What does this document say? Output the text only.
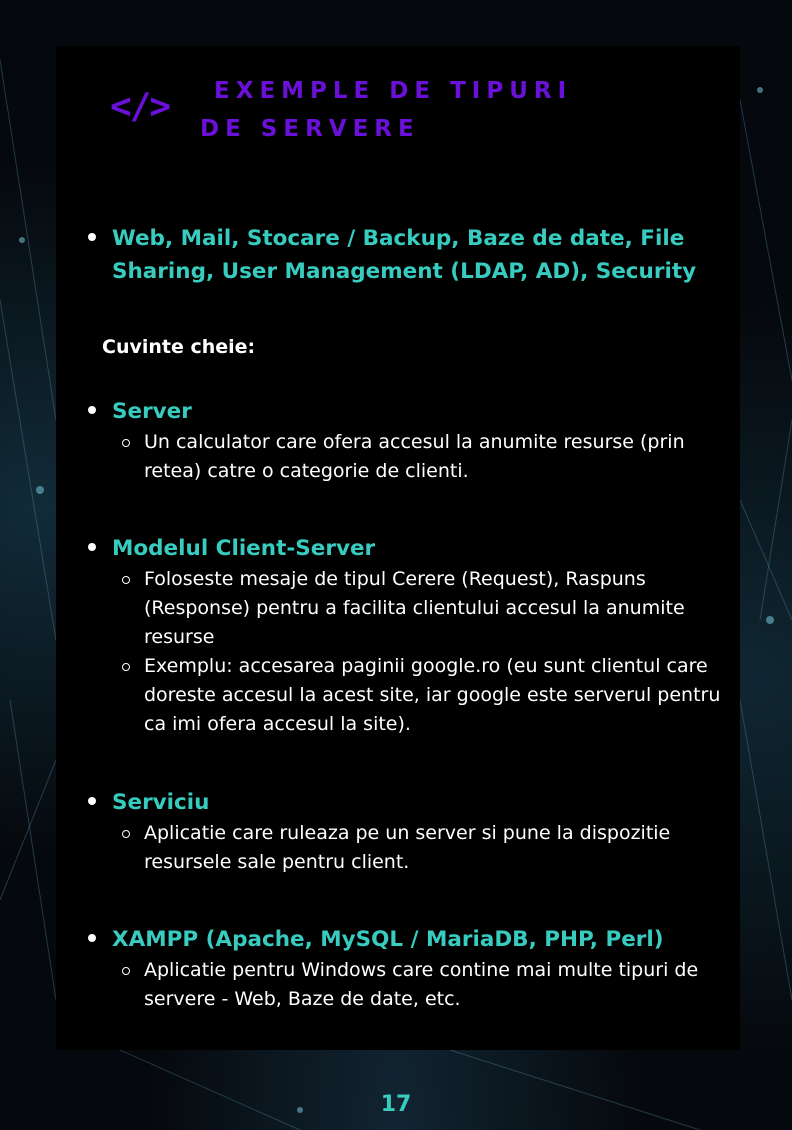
</>	EXEMPLE DE TIPURI DE SERVERE
Web, Mail, Stocare / Backup, Baze de date, File Sharing, User Management (LDAP, AD), Security
Cuvinte cheie:
Server
Un calculator care ofera accesul la anumite resurse (prin retea) catre o categorie de clienti.
Modelul Client-Server
Foloseste mesaje de tipul Cerere (Request), Raspuns (Response) pentru a facilita clientului accesul la anumite resurse
Exemplu: accesarea paginii google.ro (eu sunt clientul care doreste accesul la acest site, iar google este serverul pentru ca imi ofera accesul la site).
Serviciu
Aplicatie care ruleaza pe un server si pune la dispozitie resursele sale pentru client.
XAMPP (Apache, MySQL / MariaDB, PHP, Perl)
Aplicatie pentru Windows care contine mai multe tipuri de servere - Web, Baze de date, etc.
17
